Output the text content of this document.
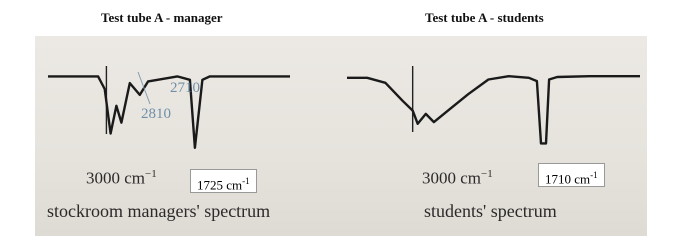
Test tube A - manager	Test tube A - students
2710
2810
3000 $cm^{-1}$
1725 $cm^{-1}$
stockroom managers' spectrum
3000 $cm^{-1}$	1710 $cm^{-1}$
students' spectrum
